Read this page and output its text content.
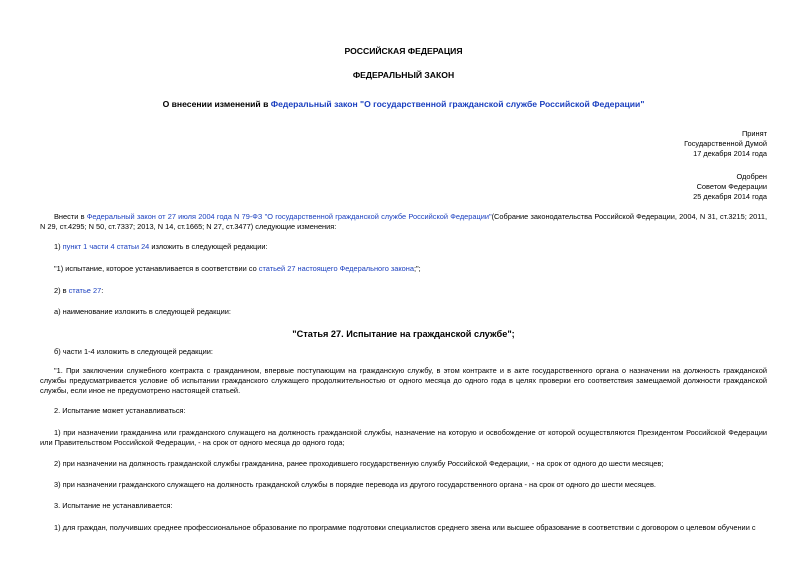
РОССИЙСКАЯ ФЕДЕРАЦИЯ
ФЕДЕРАЛЬНЫЙ ЗАКОН
О внесении изменений в Федеральный закон "О государственной гражданской службе Российской Федерации"
Принят
Государственной Думой
17 декабря 2014 года
Одобрен
Советом Федерации
25 декабря 2014 года
Внести в Федеральный закон от 27 июля 2004 года N 79-ФЗ "О государственной гражданской службе Российской Федерации"(Собрание законодательства Российской Федерации, 2004, N 31, ст.3215; 2011, N 29, ст.4295; N 50, ст.7337; 2013, N 14, ст.1665; N 27, ст.3477) следующие изменения:
1) пункт 1 части 4 статьи 24 изложить в следующей редакции:
"1) испытание, которое устанавливается в соответствии со статьей 27 настоящего Федерального закона;";
2) в статье 27:
а) наименование изложить в следующей редакции:
"Статья 27. Испытание на гражданской службе";
б) части 1-4 изложить в следующей редакции:
"1. При заключении служебного контракта с гражданином, впервые поступающим на гражданскую службу, в этом контракте и в акте государственного органа о назначении на должность гражданской службы предусматривается условие об испытании гражданского служащего продолжительностью от одного месяца до одного года в целях проверки его соответствия замещаемой должности гражданской службы, если иное не предусмотрено настоящей статьей.
2. Испытание может устанавливаться:
1) при назначении гражданина или гражданского служащего на должность гражданской службы, назначение на которую и освобождение от которой осуществляются Президентом Российской Федерации или Правительством Российской Федерации, - на срок от одного месяца до одного года;
2) при назначении на должность гражданской службы гражданина, ранее проходившего государственную службу Российской Федерации, - на срок от одного до шести месяцев;
3) при назначении гражданского служащего на должность гражданской службы в порядке перевода из другого государственного органа - на срок от одного до шести месяцев.
3. Испытание не устанавливается:
1) для граждан, получивших среднее профессиональное образование по программе подготовки специалистов среднего звена или высшее образование в соответствии с договором о целевом обучении с
